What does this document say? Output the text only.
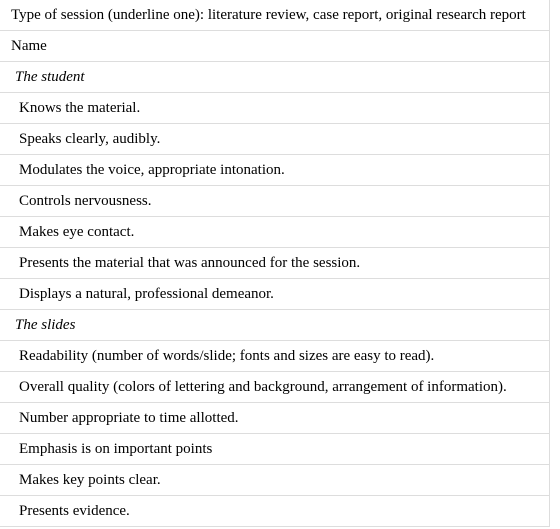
Type of session (underline one): literature review, case report, original research report
Name
The student
Knows the material.
Speaks clearly, audibly.
Modulates the voice, appropriate intonation.
Controls nervousness.
Makes eye contact.
Presents the material that was announced for the session.
Displays a natural, professional demeanor.
The slides
Readability (number of words/slide; fonts and sizes are easy to read).
Overall quality (colors of lettering and background, arrangement of information).
Number appropriate to time allotted.
Emphasis is on important points
Makes key points clear.
Presents evidence.
